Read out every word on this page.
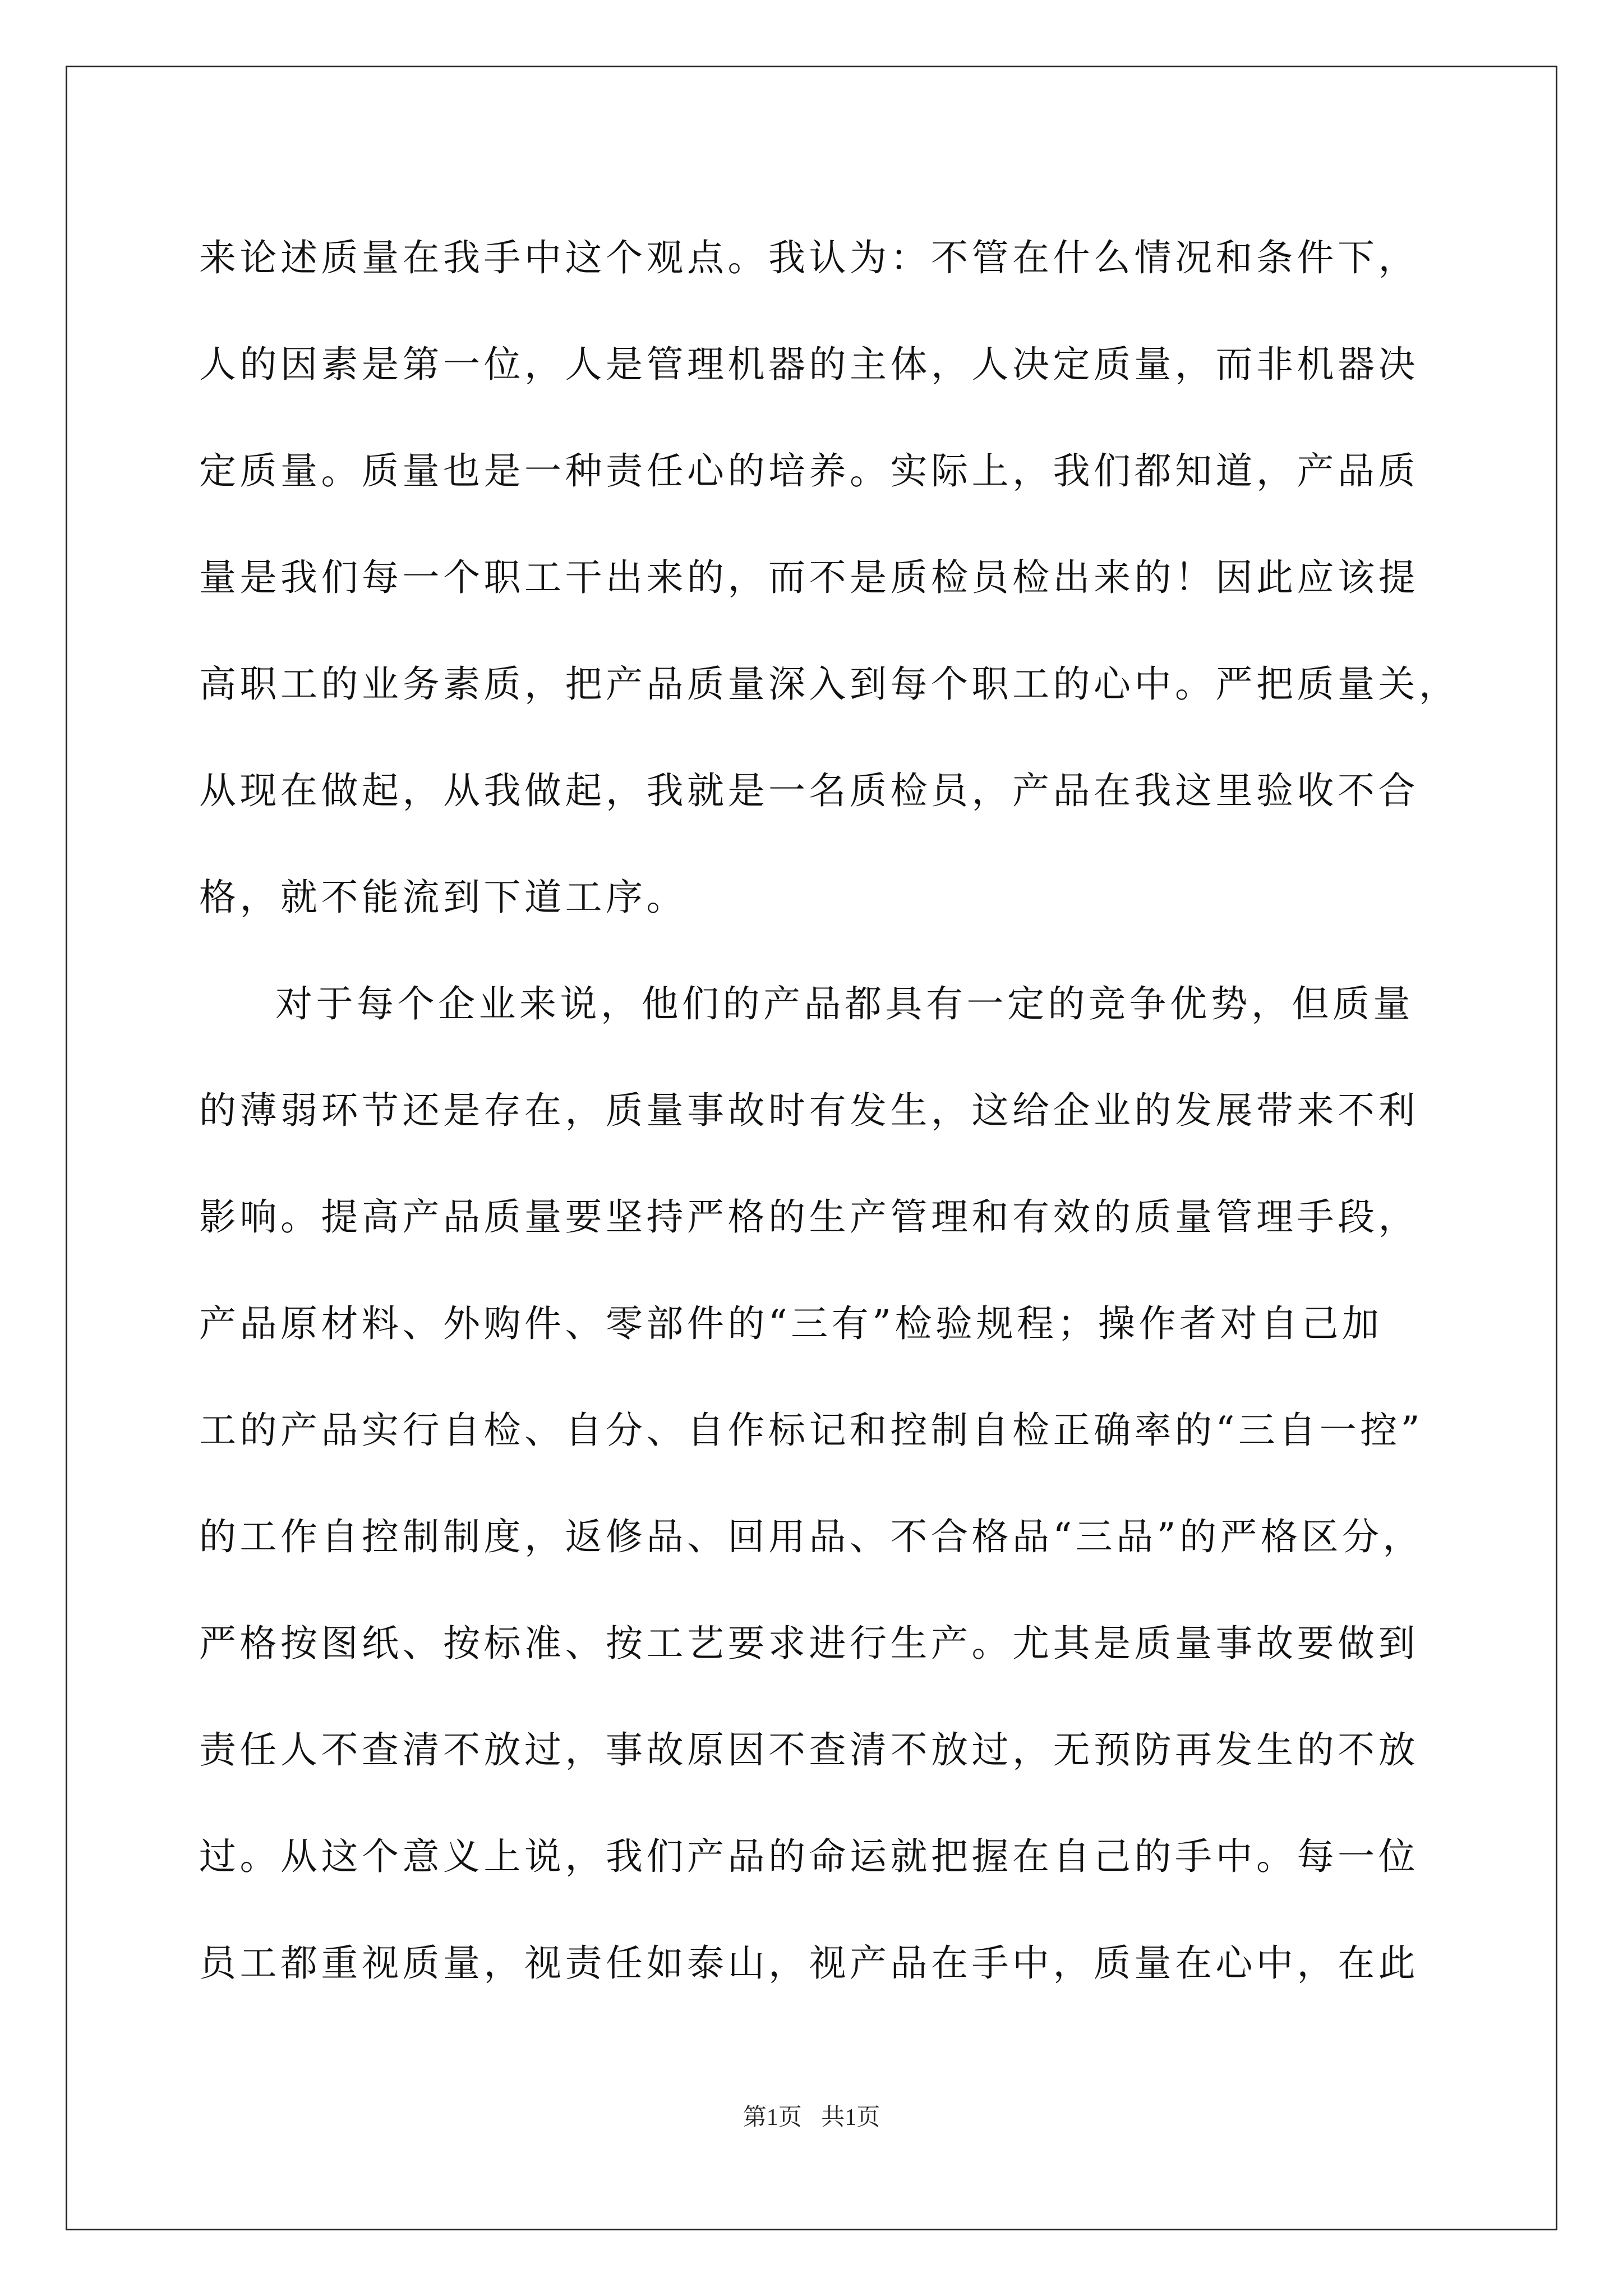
来论述质量在我手中这个观点。我认为：不管在什么情况和条件下，
人的因素是第一位，人是管理机器的主体，人决定质量，而非机器决
定质量。质量也是一种责任心的培养。实际上，我们都知道，产品质
量是我们每一个职工干出来的，而不是质检员检出来的！因此应该提
高职工的业务素质，把产品质量深入到每个职工的心中。严把质量关，
从现在做起，从我做起，我就是一名质检员，产品在我这里验收不合
格，就不能流到下道工序。
对于每个企业来说，他们的产品都具有一定的竞争优势，但质量
的薄弱环节还是存在，质量事故时有发生，这给企业的发展带来不利
影响。提高产品质量要坚持严格的生产管理和有效的质量管理手段，
产品原材料、外购件、零部件的“三有”检验规程；操作者对自己加
工的产品实行自检、自分、自作标记和控制自检正确率的“三自一控”
的工作自控制制度，返修品、回用品、不合格品“三品”的严格区分，
严格按图纸、按标准、按工艺要求进行生产。尤其是质量事故要做到
责任人不查清不放过，事故原因不查清不放过，无预防再发生的不放
过。从这个意义上说，我们产品的命运就把握在自己的手中。每一位
员工都重视质量，视责任如泰山，视产品在手中，质量在心中，在此
第1页 共1页
